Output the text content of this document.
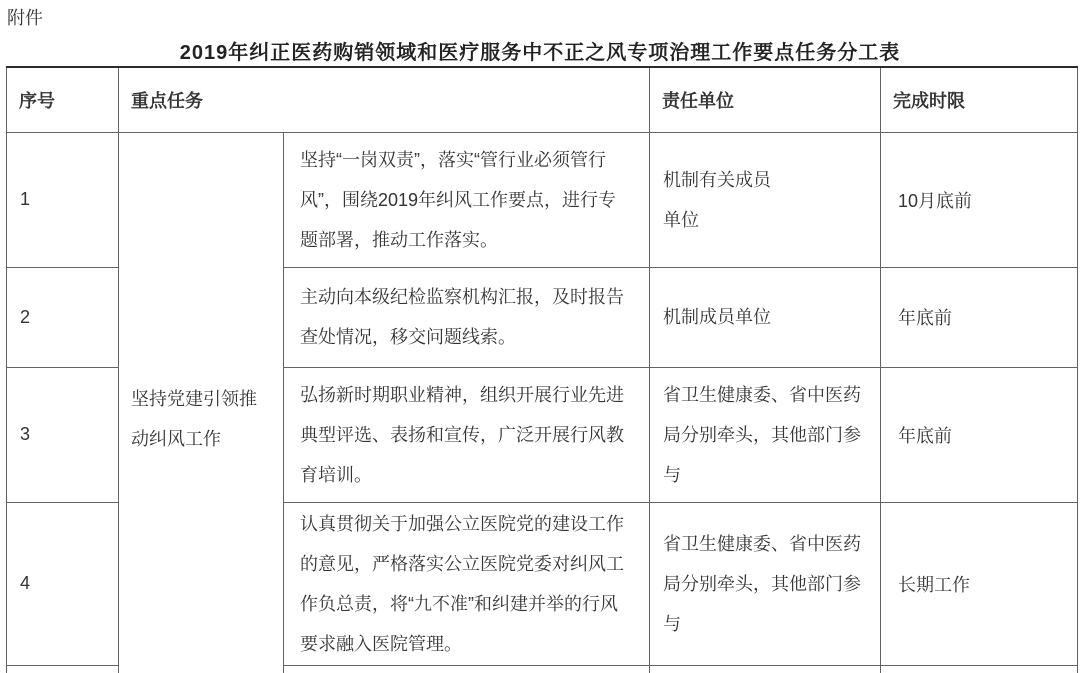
附件
2019年纠正医药购销领域和医疗服务中不正之风专项治理工作要点任务分工表
序号	重点任务		责任单位	完成时限
1	坚持党建引领推动纠风工作	坚持“一岗双责”，落实“管行业必须管行风”，围绕2019年纠风工作要点，进行专题部署，推动工作落实。	机制有关成员单位	10月底前
2		主动向本级纪检监察机构汇报，及时报告查处情况，移交问题线索。	机制成员单位	年底前
3		弘扬新时期职业精神，组织开展行业先进典型评选、表扬和宣传，广泛开展行风教育培训。	省卫生健康委、省中医药局分别牵头，其他部门参与	年底前
4		认真贯彻关于加强公立医院党的建设工作的意见，严格落实公立医院党委对纠风工作负总责，将“九不准”和纠建并举的行风要求融入医院管理。	省卫生健康委、省中医药局分别牵头，其他部门参与	长期工作
